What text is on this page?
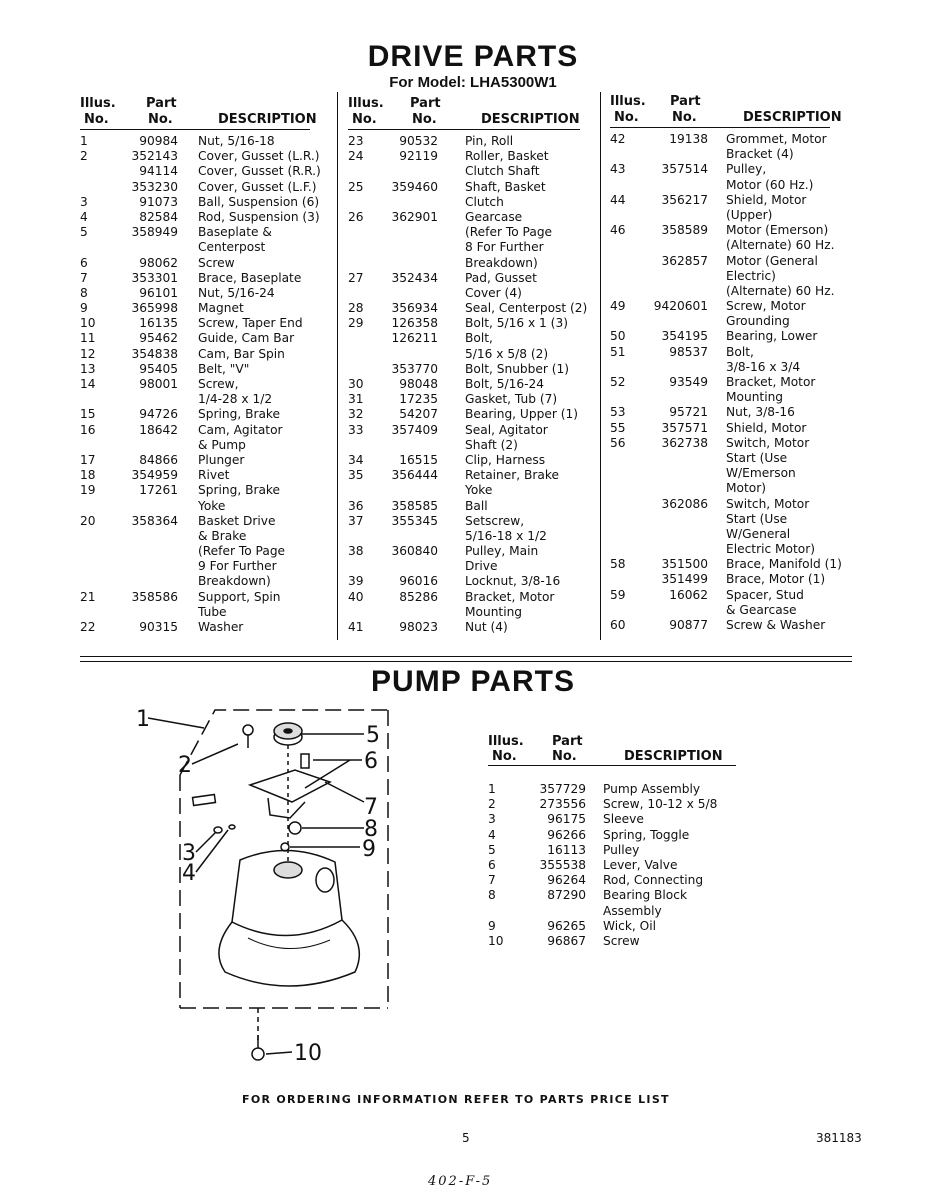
DRIVE PARTS
For Model: LHA5300W1
Illus.
No.
Part
No.	DESCRIPTION
1	90984 Nut, 5/16-18
2	352143 Cover, Gusset (L.R.)
94114 Cover, Gusset (R.R.)
353230 Cover, Gusset (L.F.)
3	91073 Ball, Suspension (6)
4	82584 Rod, Suspension (3)
5	358949 Baseplate &
Centerpost
6	98062 Screw
7	353301 Brace, Baseplate
8	96101 Nut, 5/16-24
9	365998 Magnet
10	16135 Screw, Taper End
11	95462 Guide, Cam Bar
12	354838 Cam, Bar Spin
13	95405 Belt, "V"
14	98001 Screw,
1/4-28 x 1/2
15	94726 Spring, Brake
16	18642 Cam, Agitator
& Pump
17	84866 Plunger
18	354959 Rivet
19	17261 Spring, Brake
Yoke
20	358364 Basket Drive
& Brake
(Refer To Page
9 For Further
Breakdown)
21	358586 Support, Spin
Tube
22	90315 Washer
Illus.
No.
Part
No.	DESCRIPTION
23	90532 Pin, Roll
24	92119 Roller, Basket
Clutch Shaft
25	359460 Shaft, Basket
Clutch
26	362901 Gearcase
(Refer To Page
8 For Further
Breakdown)
27	352434 Pad, Gusset
Cover (4)
28	356934 Seal, Centerpost (2)
29	126358 Bolt, 5/16 x 1 (3)
126211 Bolt,
5/16 x 5/8 (2)
353770 Bolt, Snubber (1)
30	98048 Bolt, 5/16-24
31	17235 Gasket, Tub (7)
32	54207 Bearing, Upper (1)
33	357409 Seal, Agitator
Shaft (2)
34	16515 Clip, Harness
35	356444 Retainer, Brake
Yoke
36	358585 Ball
37	355345 Setscrew,
5/16-18 x 1/2
38	360840 Pulley, Main
Drive
39	96016 Locknut, 3/8-16
40	85286 Bracket, Motor
Mounting
41	98023 Nut (4)
Illus.
No.
Part
No.	DESCRIPTION
42	19138 Grommet, Motor
Bracket (4)
43	357514 Pulley,
Motor (60 Hz.)
44	356217 Shield, Motor
(Upper)
46	358589 Motor (Emerson)
(Alternate) 60 Hz.
362857 Motor (General
Electric)
(Alternate) 60 Hz.
49	9420601 Screw, Motor
Grounding
50	354195 Bearing, Lower
51	98537 Bolt,
3/8-16 x 3/4
52	93549 Bracket, Motor
Mounting
53	95721 Nut, 3/8-16
55	357571 Shield, Motor
56	362738 Switch, Motor
Start (Use
W/Emerson
Motor)
362086 Switch, Motor
Start (Use
W/General
Electric Motor)
58	351500 Brace, Manifold (1)
351499 Brace, Motor (1)
59	16062 Spacer, Stud
& Gearcase
60	90877 Screw & Washer
PUMP PARTS
1
2
3
4
5
6
7
8
9
10
Illus.
No.
Part
No.	DESCRIPTION
1	357729 Pump Assembly
2	273556 Screw, 10-12 x 5/8
3	96175 Sleeve
4	96266 Spring, Toggle
5	16113 Pulley
6	355538 Lever, Valve
7	96264 Rod, Connecting
8	87290 Bearing Block
Assembly
9	96265 Wick, Oil
10	96867 Screw
FOR ORDERING INFORMATION REFER TO PARTS PRICE LIST
5	381183
402-F-5
